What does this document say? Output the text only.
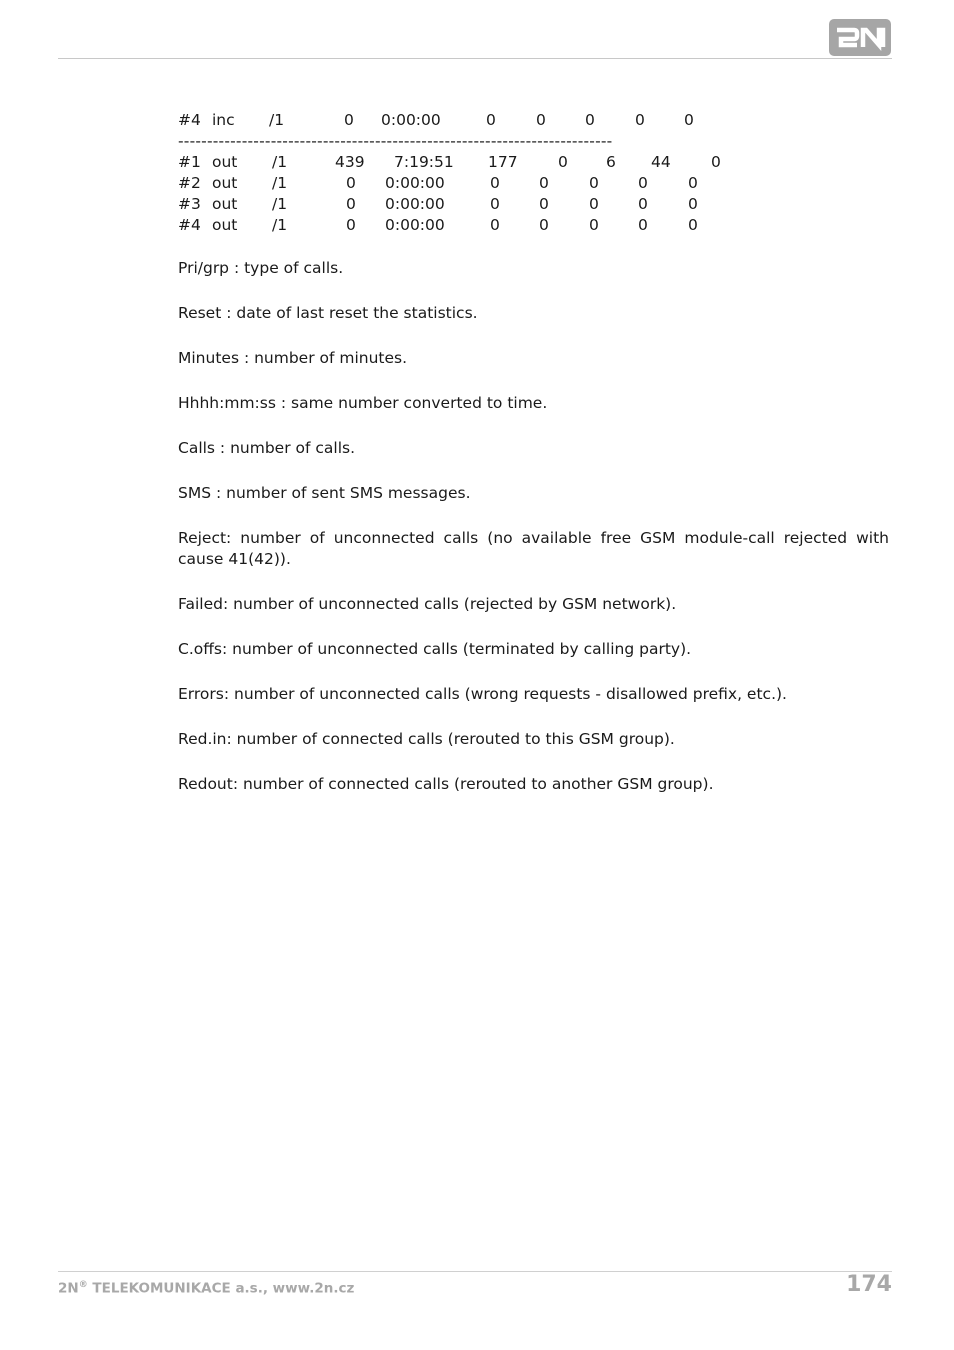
#4 inc /1	0 0:00:00	0	0	0	0	0
---------------------------------------------------------------------------
#1 out /1	439 7:19:51 177	0 6 44	0
#2 out /1	0 0:00:00	0	0	0	0	0
#3 out /1	0 0:00:00	0	0	0	0	0
#4 out /1	0 0:00:00	0	0	0	0	0

Pri/grp : type of calls.

Reset : date of last reset the statistics.

Minutes : number of minutes.

Hhhh:mm:ss : same number converted to time.

Calls : number of calls.

SMS : number of sent SMS messages.

Reject: number of unconnected calls (no available free GSM module-call rejected with cause 41(42)).

Failed: number of unconnected calls (rejected by GSM network).

C.offs: number of unconnected calls (terminated by calling party).

Errors: number of unconnected calls (wrong requests - disallowed prefix, etc.).

Red.in: number of connected calls (rerouted to this GSM group).

Redout: number of connected calls (rerouted to another GSM group).

2N® TELEKOMUNIKACE a.s., www.2n.cz	174
